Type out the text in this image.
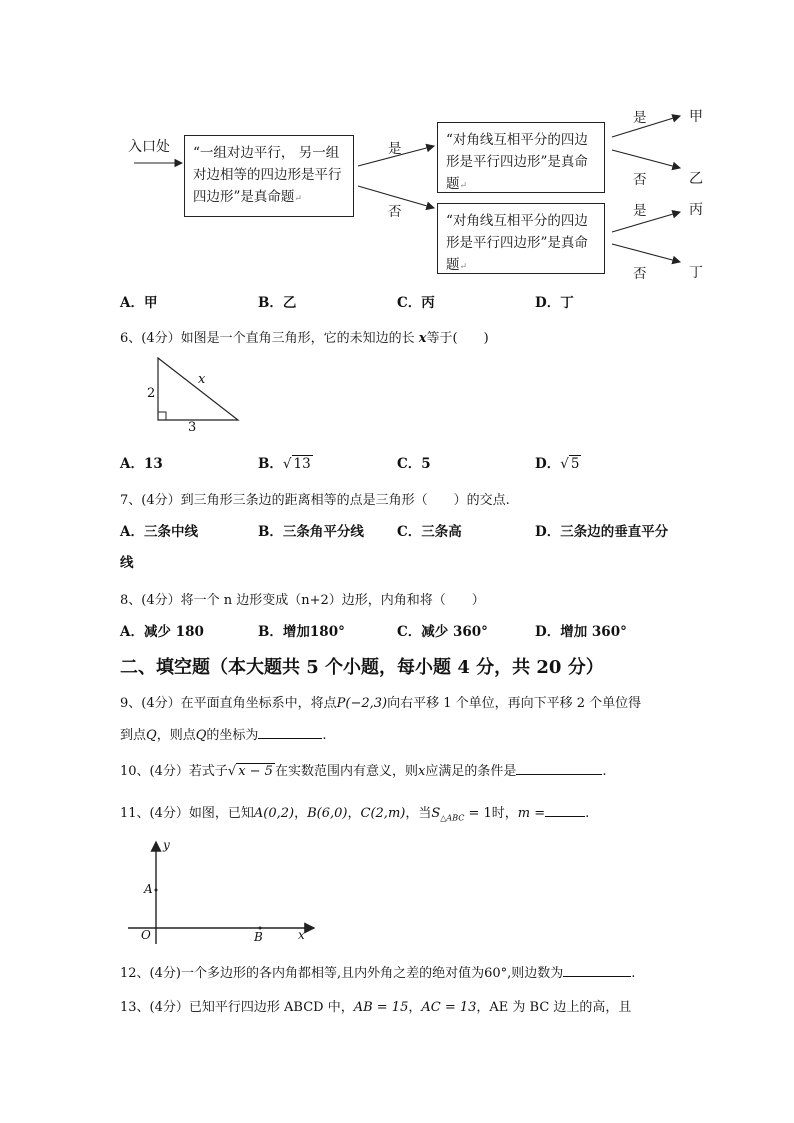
入口处	“一组对边平行， 另一组对边相等的四边形是平行四边形”是真命题↵
“对角线互相平分的四边形是平行四边形”是真命题↵
“对角线互相平分的四边形是平行四边形”是真命题↵
是
否
是
否
是
否
甲
乙
丙
丁
A．甲	B．乙	C．丙	D．丁
6、(4分）如图是一个直角三角形，它的未知边的长 x等于(　　)
2
3
x
A．13	B．√ 13	C．5	D．√ 5
7、(4分）到三角形三条边的距离相等的点是三角形（　　）的交点.
A．三条中线	B．三条角平分线 C．三条高	D．三条边的垂直平分
线
8、(4分）将一个 n 边形变成（n+2）边形，内角和将（　　）
A．减少 180	B．增加180°	C．减少 360°	D．增加 360°
二、填空题（本大题共 5 个小题，每小题 4 分，共 20 分）
9、(4分）在平面直角坐标系中，将点P(−2,3)向右平移 1 个单位，再向下平移 2 个单位得
到点Q，则点Q的坐标为	.
10、(4分）若式子√ x − 5 在实数范围内有意义，则x应满足的条件是	.
11、(4分）如图，已知A(0,2)，B(6,0)，C(2,m)，当$S_{\triangle ABC} = 1$时，m =	.
y
x
O
A
B
12、(4分)一个多边形的各内角都相等,且内外角之差的绝对值为60°,则边数为	.
13、(4分）已知平行四边形 ABCD 中，AB = 15，AC = 13，AE 为 BC 边上的高，且
